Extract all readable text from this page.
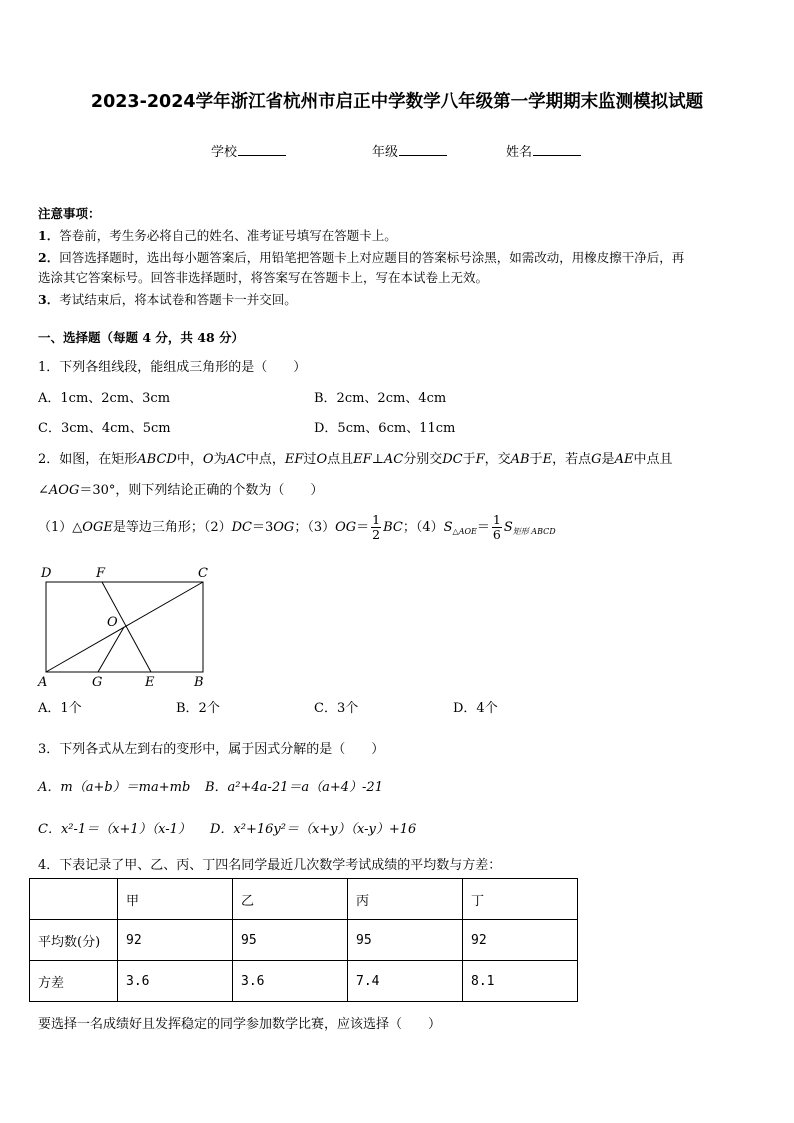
2023-2024学年浙江省杭州市启正中学数学八年级第一学期期末监测模拟试题
学校	年级	姓名
注意事项：
1．答卷前，考生务必将自己的姓名、准考证号填写在答题卡上。
2．回答选择题时，选出每小题答案后，用铅笔把答题卡上对应题目的答案标号涂黑，如需改动，用橡皮擦干净后，再
选涂其它答案标号。回答非选择题时，将答案写在答题卡上，写在本试卷上无效。
3．考试结束后，将本试卷和答题卡一并交回。
一、选择题（每题 4 分，共 48 分）
1．下列各组线段，能组成三角形的是（　　）
A．1cm、2cm、3cm	B．2cm、2cm、4cm
C．3cm、4cm、5cm	D．5cm、6cm、11cm
2．如图，在矩形ABCD中，O为AC中点，EF过O点且EF⊥AC分别交DC于F，交AB于E，若点G是AE中点且
∠AOG＝30°，则下列结论正确的个数为（　　）
（1）△OGE是等边三角形；（2）DC＝3OG；$(3)OG= \frac{1}{2}$ BC；$(4)S_{\triangle AOE}= \frac{1}{6} S_{矩形 ABCD}$
D	F	C
O
A	G	E	B
A．1个	B．2个	C．3个	D．4个
3．下列各式从左到右的变形中，属于因式分解的是（　　）
A．m（a+b）＝ma+mb B．a²+4a-21＝a（a+4）-21
C．x²-1＝（x+1）（x-1） D．x²+16y²＝（x+y）（x-y）+16
4．下表记录了甲、乙、丙、丁四名同学最近几次数学考试成绩的平均数与方差：
	甲	乙	丙	丁
平均数(分)	92	95	95	92
方差	3.6	3.6	7.4	8.1
要选择一名成绩好且发挥稳定的同学参加数学比赛，应该选择（　　）
